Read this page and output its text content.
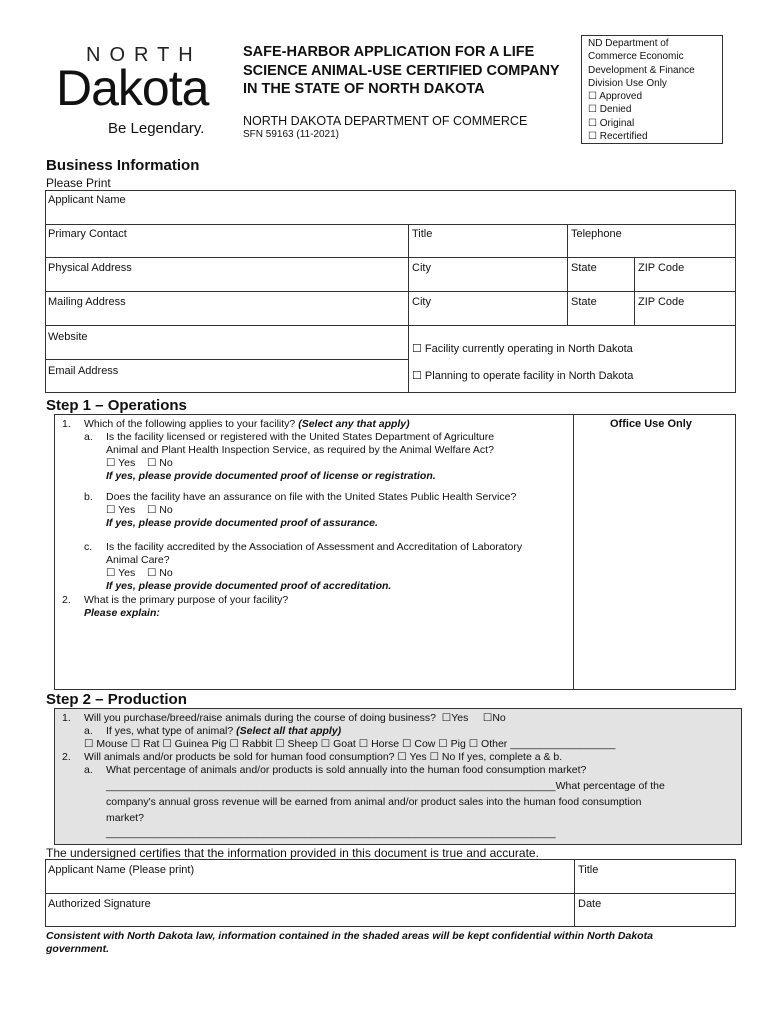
NORTH
Dakota
Be Legendary.
SAFE-HARBOR APPLICATION FOR A LIFE SCIENCE ANIMAL-USE CERTIFIED COMPANY IN THE STATE OF NORTH DAKOTA
NORTH DAKOTA DEPARTMENT OF COMMERCE
SFN 59163 (11-2021)
ND Department of
Commerce Economic
Development & Finance
Division Use Only
☐ Approved
☐ Denied
☐ Original
☐ Recertified
Business Information
Please Print
Applicant Name
Primary Contact	Title	Telephone
Physical Address	City	State	ZIP Code
Mailing Address	City	State	ZIP Code
Website
Email Address
☐ Facility currently operating in North Dakota
☐ Planning to operate facility in North Dakota
Step 1 – Operations
Office Use Only
1. Which of the following applies to your facility? (Select any that apply)
a. Is the facility licensed or registered with the United States Department of Agriculture
Animal and Plant Health Inspection Service, as required by the Animal Welfare Act?
☐ Yes    ☐ No
If yes, please provide documented proof of license or registration.
b. Does the facility have an assurance on file with the United States Public Health Service?
☐ Yes    ☐ No
If yes, please provide documented proof of assurance.
c. Is the facility accredited by the Association of Assessment and Accreditation of Laboratory
Animal Care?
☐ Yes    ☐ No
If yes, please provide documented proof of accreditation.
2. What is the primary purpose of your facility?
Please explain:
Step 2 – Production
1. Will you purchase/breed/raise animals during the course of doing business?  ☐Yes     ☐No
a. If yes, what type of animal? (Select all that apply)
☐ Mouse ☐ Rat ☐ Guinea Pig ☐ Rabbit ☐ Sheep ☐ Goat ☐ Horse ☐ Cow ☐ Pig ☐ Other __________________
2. Will animals and/or products be sold for human food consumption? ☐ Yes ☐ No If yes, complete a & b.
a. What percentage of animals and/or products is sold annually into the human food consumption market?
_____________________________________________________________________________What percentage of the
company's annual gross revenue will be earned from animal and/or product sales into the human food consumption
market?
_____________________________________________________________________________
The undersigned certifies that the information provided in this document is true and accurate.
Applicant Name (Please print)	Title
Authorized Signature	Date
Consistent with North Dakota law, information contained in the shaded areas will be kept confidential within North Dakota
government.
